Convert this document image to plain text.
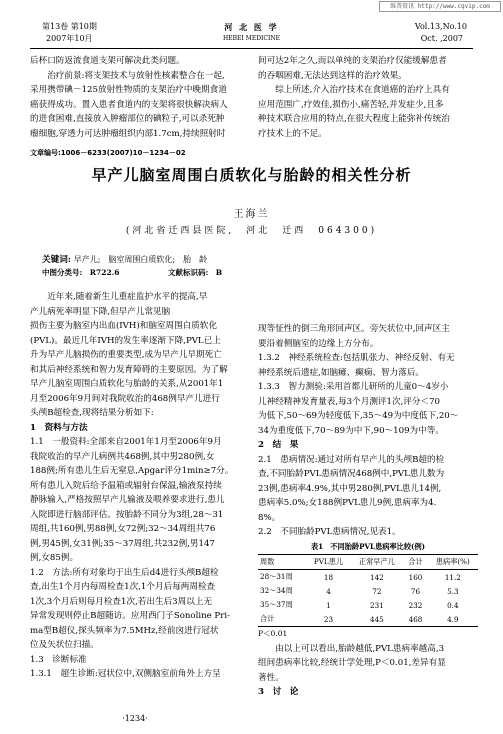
维普资讯 http://www.cqvip.com
第13卷 第10期
2007年10月
河 北 医 学
HEBEI MEDICINE
Vol.13,No.10
Oct. ,2007

后杯口防返流食道支架可解决此类问题。

　　治疗前景:将支架技术与放射性核素整合在一起,

采用携带碘－125放射性物质的支架治疗中晚期食道

癌获得成功。置入患者食道内的支架将很快解决病人

的进食困难,直接放入肿瘤部位的碘粒子,可以杀死肿

瘤细胞,穿透力可达肿瘤组织内部1.7cm,持续照射时

间可达2年之久,而以单纯的支架治疗仅能缓解患者

的吞咽困难,无法达到这样的治疗效果。

　　综上所述,介入治疗技术在食道癌的治疗上具有

应用范围广,疗效佳,损伤小,痛苦轻,并发症少,且多

种技术联合应用的特点,在很大程度上能弥补传统治

疗技术上的不足。

文章编号:1006－6233(2007)10－1234－02
早产儿脑室周围白质软化与胎龄的相关性分析
王海兰
(河北省迁西县医院,　河北　迁西　064300)
关键词: 早产儿;　脑室周围白质软化;　胎　龄
中图分类号:　R722.6	文献标识码:　B

　　近年来,随着新生儿重症监护水平的提高,早

产儿病死率明显下降,但早产儿常见脑

损伤主要为脑室内出血(IVH)和脑室周围白质软化

(PVL)。最近几年IVH的发生率逐渐下降,PVL已上

升为早产儿脑损伤的重要类型,成为早产儿早期死亡

和其后神经系统和智力发育障碍的主要原因。为了解

早产儿脑室周围白质软化与胎龄的关系,从2001年1

月至2006年9月间对我院收治的468例早产儿进行

头颅B超检查,现将结果分析如下:

1　资料与方法

1.1　一般资料:全部来自2001年1月至2006年9月

我院收治的早产儿病例共468例,其中男280例,女

188例;所有患儿生后无窒息,Apgar评分1min≥7分。

所有患儿入院后给予温箱或辐射台保温,输液泵持续

静脉输入,严格按照早产儿输液及喂养要求进行,患儿

入院即进行脑部评估。按胎龄不同分为3组,28～31

周组,共160例,男88例,女72例;32～34周组共76

例,男45例,女31例;35～37周组,共232例,男147

例,女85例。

1.2　方法:所有对象均于出生后d4进行头颅B超检

查,出生1个月内每周检查1次,1个月后每两周检查

1次,3个月后则每月检查1次,若出生后3周以上无

异常发现则停止B超随访。应用西门子Sonoline Pri-

ma型B超仪,探头频率为7.5MHz,经前囟进行冠状

位及矢状位扫描。

1.3　诊断标准

1.3.1　超生诊断:冠状位中,双侧脑室前角外上方呈

·1234·

现等怔性的倒三角形回声区。旁矢状位中,回声区主

要沿着侧脑室的边缘上方分布。

1.3.2　神经系统检查:包括肌张力、神经反射、有无

神经系统后遗症,如脑瘫、癫痫、智力落后。

1.3.3　智力测验:采用首都儿研所的儿童0～4岁小

儿神经精神发育量表,每3个月测评1次,评分＜70

为低下,50～69为轻度低下,35～49为中度低下,20～

34为重度低下,70～89为中下,90～109为中等。

2　结　果

2.1　患病情况:通过对所有早产儿的头颅B超的检

查,不同胎龄PVL患病情况468例中,PVL患儿数为

23例,患病率4.9%,其中男280例,PVL患儿14例,

患病率5.0%;女188例PVL患儿9例,患病率为4.

8%。

2.2　不同胎龄PVL患病情况,见表1。

表1　不同胎龄PVL患病率比较(例)

周数	PVL患儿	正常早产儿	合计	患病率(%)
28～31周	18	142	160	11.2
32～34周	4	72	76	5.3
35～37周	1	231	232	0.4
合计	23	445	468	4.9

P＜0.01

　　由以上可以看出,胎龄越低,PVL患病率越高,3

组间患病率比较,经统计学处理,P＜0.01,差异有显

著性。

3　讨　论
